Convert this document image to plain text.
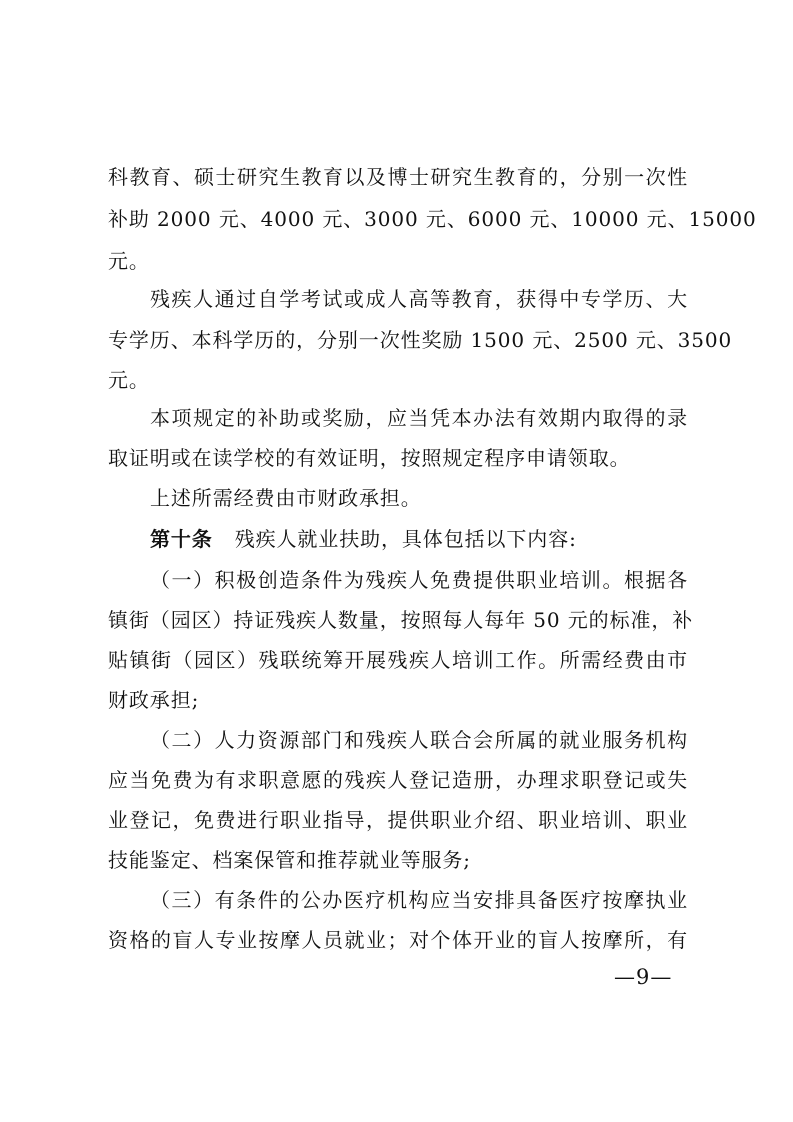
科教育、硕士研究生教育以及博士研究生教育的，分别一次性
补助 2000 元、4000 元、3000 元、6000 元、10000 元、15000
元。
残疾人通过自学考试或成人高等教育，获得中专学历、大
专学历、本科学历的，分别一次性奖励 1500 元、2500 元、3500
元。
本项规定的补助或奖励，应当凭本办法有效期内取得的录
取证明或在读学校的有效证明，按照规定程序申请领取。
上述所需经费由市财政承担。
第十条 残疾人就业扶助，具体包括以下内容:
（一）积极创造条件为残疾人免费提供职业培训。根据各
镇街（园区）持证残疾人数量，按照每人每年 50 元的标准，补
贴镇街（园区）残联统筹开展残疾人培训工作。所需经费由市
财政承担;
（二）人力资源部门和残疾人联合会所属的就业服务机构
应当免费为有求职意愿的残疾人登记造册，办理求职登记或失
业登记，免费进行职业指导，提供职业介绍、职业培训、职业
技能鉴定、档案保管和推荐就业等服务;
（三）有条件的公办医疗机构应当安排具备医疗按摩执业
资格的盲人专业按摩人员就业；对个体开业的盲人按摩所，有
—9—
